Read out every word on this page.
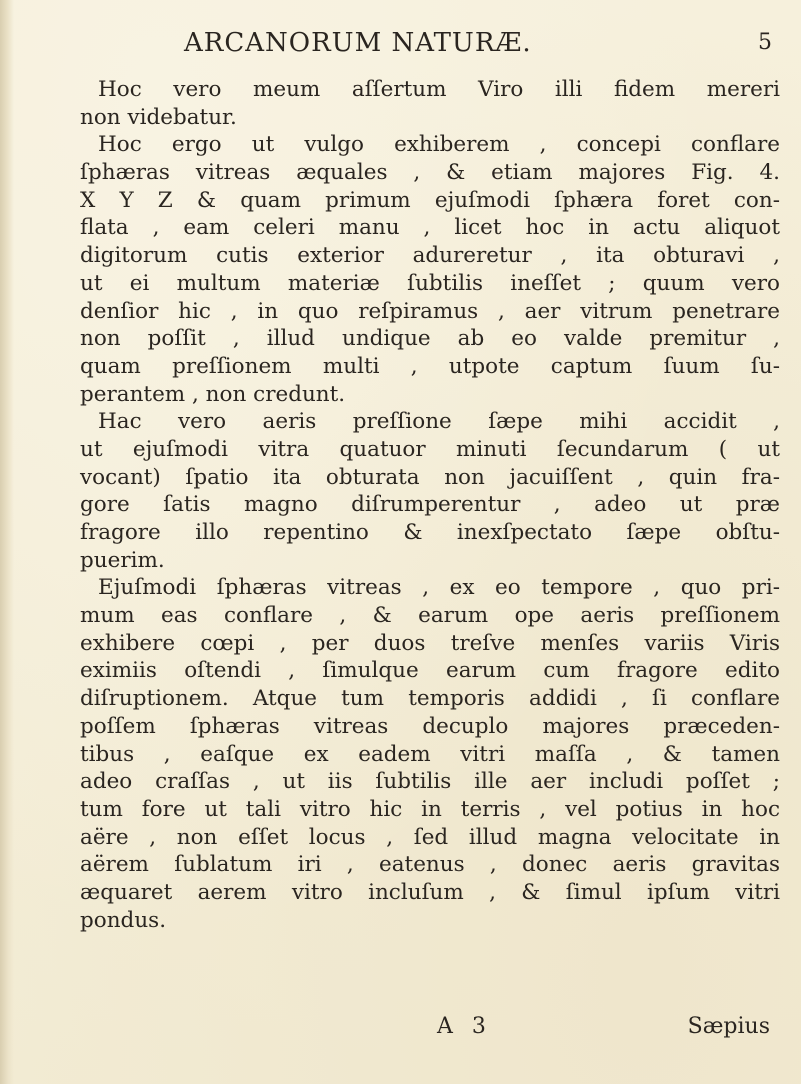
ARCANORUM NATURÆ.	5
Hoc vero meum aſſertum Viro illi fidem mereri
non videbatur.
Hoc ergo ut vulgo exhiberem , concepi conflare
ſphæras vitreas æquales , & etiam majores Fig. 4.
X Y Z & quam primum ejuſmodi ſphæra foret con-
flata , eam celeri manu , licet hoc in actu aliquot
digitorum cutis exterior adureretur , ita obturavi ,
ut ei multum materiæ ſubtilis ineſſet ; quum vero
denſior hic , in quo reſpiramus , aer vitrum penetrare
non poſſit , illud undique ab eo valde premitur ,
quam preſſionem multi , utpote captum ſuum ſu-
perantem , non credunt.
Hac vero aeris preſſione ſæpe mihi accidit ,
ut ejuſmodi vitra quatuor minuti ſecundarum ( ut
vocant) ſpatio ita obturata non jacuiſſent , quin fra-
gore ſatis magno diſrumperentur , adeo ut præ
fragore illo repentino & inexſpectato ſæpe obſtu-
puerim.
Ejuſmodi ſphæras vitreas , ex eo tempore , quo pri-
mum eas conflare , & earum ope aeris preſſionem
exhibere cœpi , per duos treſve menſes variis Viris
eximiis oſtendi , ſimulque earum cum fragore edito
diſruptionem. Atque tum temporis addidi , ſi conflare
poſſem ſphæras vitreas decuplo majores præceden-
tibus , eaſque ex eadem vitri maſſa , & tamen
adeo craſſas , ut iis ſubtilis ille aer includi poſſet ;
tum fore ut tali vitro hic in terris , vel potius in hoc
aëre , non eſſet locus , ſed illud magna velocitate in
aërem ſublatum iri , eatenus , donec aeris gravitas
æquaret aerem vitro incluſum , & ſimul ipſum vitri
pondus.
A 3	Sæpius
